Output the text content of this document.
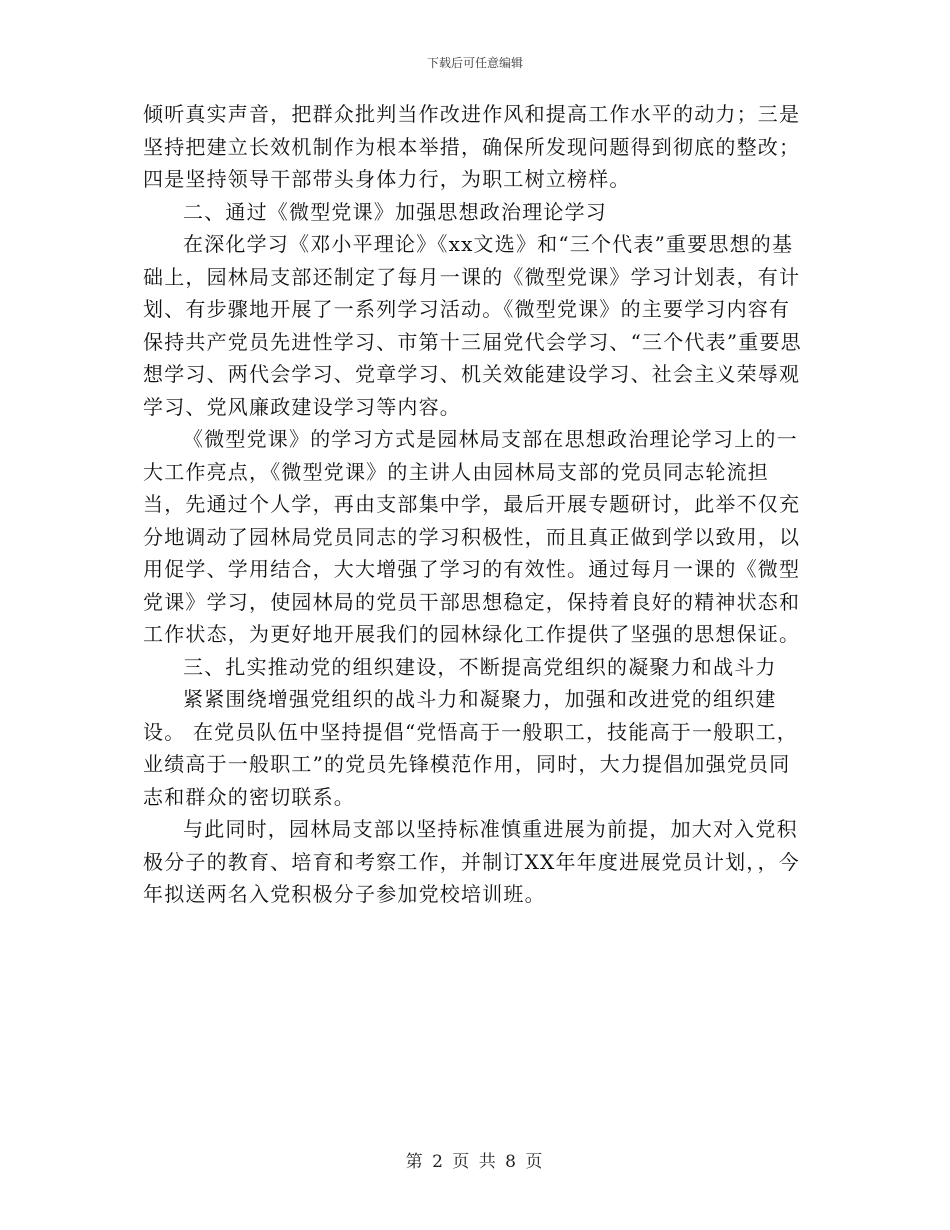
下载后可任意编辑

倾听真实声音，把群众批判当作改进作风和提高工作水平的动力；三是坚持把建立长效机制作为根本举措，确保所发现问题得到彻底的整改；四是坚持领导干部带头身体力行，为职工树立榜样。

二、通过《微型党课》加强思想政治理论学习

在深化学习《邓小平理论》《xx文选》和“三个代表”重要思想的基础上，园林局支部还制定了每月一课的《微型党课》学习计划表，有计划、有步骤地开展了一系列学习活动。《微型党课》的主要学习内容有保持共产党员先进性学习、市第十三届党代会学习、“三个代表”重要思想学习、两代会学习、党章学习、机关效能建设学习、社会主义荣辱观学习、党风廉政建设学习等内容。

《微型党课》的学习方式是园林局支部在思想政治理论学习上的一大工作亮点，《微型党课》的主讲人由园林局支部的党员同志轮流担当，先通过个人学，再由支部集中学，最后开展专题研讨，此举不仅充分地调动了园林局党员同志的学习积极性，而且真正做到学以致用，以用促学、学用结合，大大增强了学习的有效性。通过每月一课的《微型党课》学习，使园林局的党员干部思想稳定，保持着良好的精神状态和工作状态，为更好地开展我们的园林绿化工作提供了坚强的思想保证。

三、扎实推动党的组织建设，不断提高党组织的凝聚力和战斗力

紧紧围绕增强党组织的战斗力和凝聚力，加强和改进党的组织建设。 在党员队伍中坚持提倡“党悟高于一般职工，技能高于一般职工，业绩高于一般职工”的党员先锋模范作用，同时，大力提倡加强党员同志和群众的密切联系。

与此同时，园林局支部以坚持标准慎重进展为前提，加大对入党积极分子的教育、培育和考察工作，并制订XX年年度进展党员计划，，今年拟送两名入党积极分子参加党校培训班。

第 2 页 共 8 页
